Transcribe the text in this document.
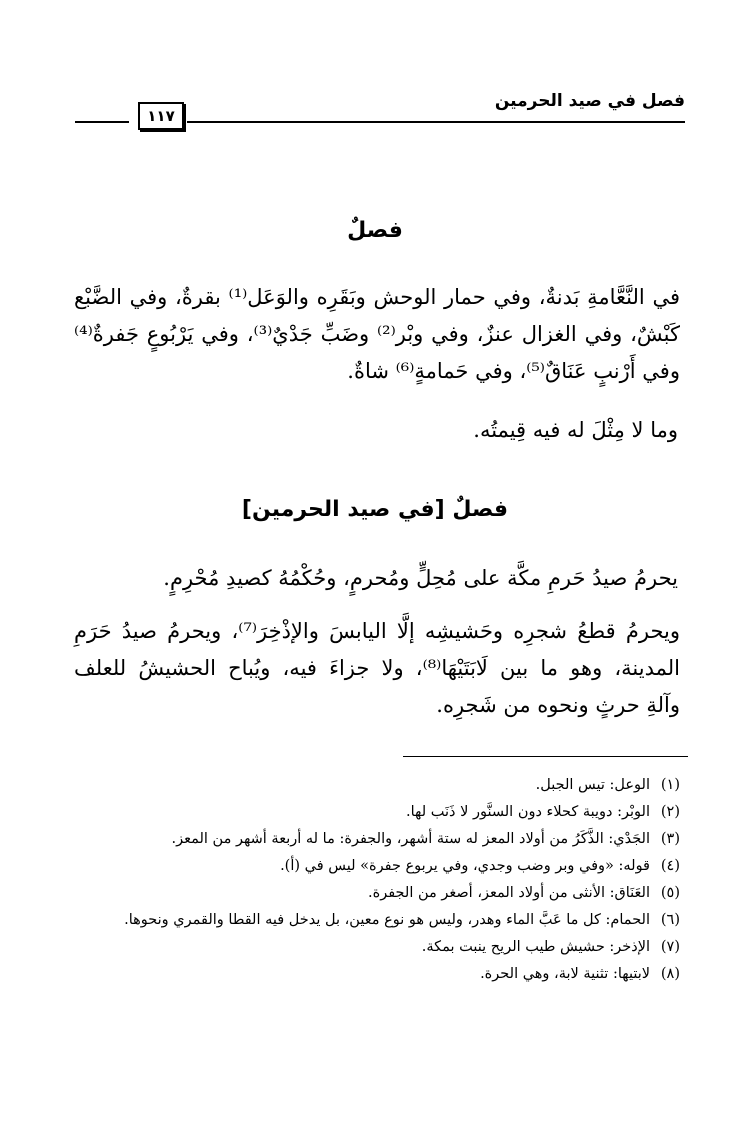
فصل في صيد الحرمين
١١٧
فصلٌ
في النَّعَّامةِ بَدنةٌ، وفي حمار الوحش وبَقَرِه والوَعَل⁽¹⁾ بقرةٌ، وفي الضَّبْع
كَبْشٌ، وفي الغزال عنزٌ، وفي وبْر⁽²⁾ وضَبِّ جَدْيٌ⁽³⁾، وفي يَرْبُوعٍ جَفرةٌ⁽⁴⁾
وفي أَرْنبٍ عَنَاقٌ⁽⁵⁾، وفي حَمامةٍ⁽⁶⁾ شاةٌ.
وما لا مِثْلَ له فيه قِيمتُه.
فصلٌ [في صيد الحرمين]
يحرمُ صيدُ حَرمِ مكَّة على مُحِلٍّ ومُحرمٍ، وحُكْمُهُ كصيدِ مُحْرِمٍ.
ويحرمُ قطعُ شجرِه وحَشيشِه إلَّا اليابسَ والإذْخِرَ⁽⁷⁾، ويحرمُ صيدُ حَرَمِ
المدينة، وهو ما بين لَابَتَيْهَا⁽⁸⁾، ولا جزاءَ فيه، ويُباح الحشيشُ للعلف
وآلةِ حرثٍ ونحوه من شَجرِه.
(١)
الوعل: تيس الجبل.
(٢)
الوبْر: دويبة كحلاء دون السنَّور لا ذَنَب لها.
(٣)
الجَدْي: الذَّكَرُ من أولاد المعز له ستة أشهر، والجفرة: ما له أربعة أشهر من المعز.
(٤)
قوله: «وفي وبر وضب وجدي، وفي يربوع جفرة» ليس في (أ).
(٥)
العَنَاق: الأنثى من أولاد المعز، أصغر من الجفرة.
(٦)
الحمام: كل ما عَبَّ الماء وهدر، وليس هو نوع معين، بل يدخل فيه القطا والقمري ونحوها.
(٧)
الإذخر: حشيش طيب الريح ينبت بمكة.
(٨)
لابتيها: تثنية لابة، وهي الحرة.
